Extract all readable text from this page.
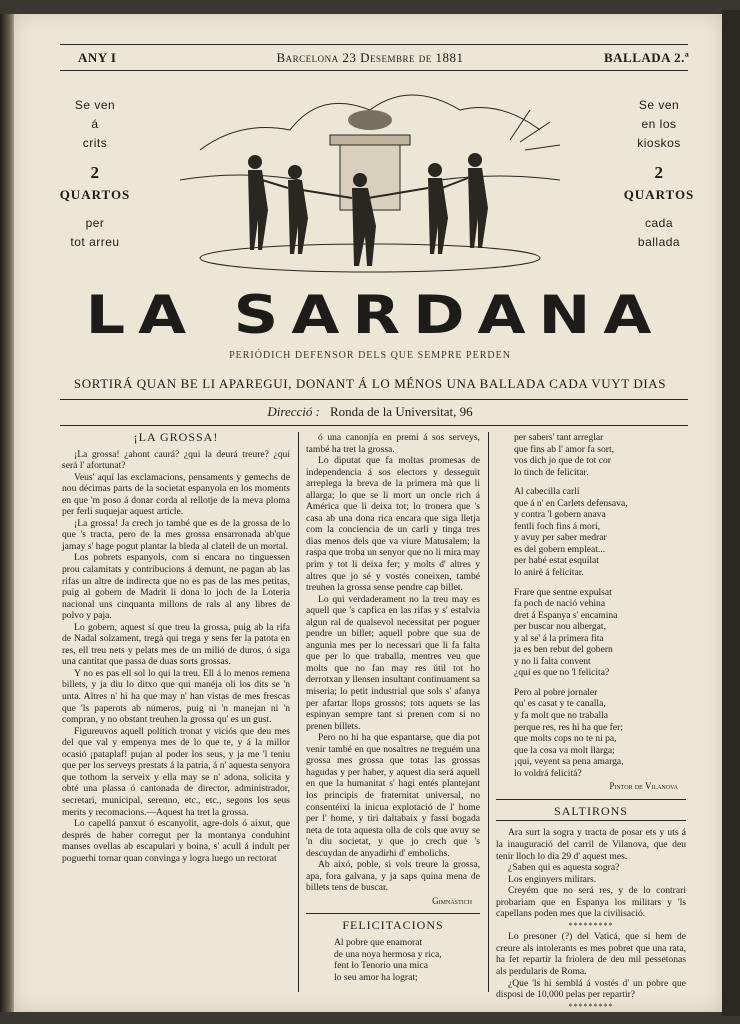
ANY I	Barcelona 23 Desembre de 1881	BALLADA 2.ª
Se ven
á
crits
2
QUARTOS
per
tot arreu
Se ven
en los
kioskos
2
QUARTOS
cada
ballada
LA SARDANA
PERIÓDICH DEFENSOR DELS QUE SEMPRE PERDEN
SORTIRÁ QUAN BE LI APAREGUI, DONANT Á LO MÉNOS UNA BALLADA CADA VUYT DIAS
Direcció : Ronda de la Universitat, 96

¡LA GROSSA!

¡La grossa! ¿ahont caurá? ¿qui la deurá treure? ¿qui será l' afortunat?

Veus' aquí las exclamacions, pensaments y gemechs de nou décimas parts de la societat espanyola en los moments en que 'm poso á donar corda al rellotje de la meva ploma per ferli suquejar aquest article.

¡La grossa! Ja crech jo també que es de la grossa de lo que 's tracta, pero de la mes grossa ensarronada ab'que jamay s' hage pogut plantar la bleda al clatell de un mortal.

Los pobrets espanyols, com si encara no tinguessen prou calamitats y contribucions á demunt, ne pagan ab las rifas un altre de indirecta que no es pas de las mes petitas, puig al gobern de Madrit li dona lo joch de la Loteria nacional uns cinquanta millons de rals al any libres de polvo y paja.

Lo gobern, aquest sí que treu la grossa, puig ab la rifa de Nadal solzament, tregà qui trega y sens fer la patota en res, ell treu nets y pelats mes de un milió de duros, ó siga una cantitat que passa de duas sorts grossas.

Y no es pas ell sol lo qui la treu. Ell á lo menos remena billets, y ja diu lo ditxo que qui manéja oli los dits se 'n unta. Altres n' hi ha que may n' han vistas de mes frescas que 'ls paperots ab números, puig ni 'n manejan ni 'n compran, y no obstant treuhen la grossa qu' es un gust.

Figureuvos aquell polítich tronat y viciós que deu mes del que val y empenya mes de lo que te, y á la millor ocasió ¡pataplaf! pujan al poder los seus, y ja me 'l teniu que per los serveys prestats á la patria, á n' aquesta senyora que tothom la serveix y ella may se n' adona, solicita y obté una plassa ó cantonada de director, administrador, secretari, municipal, serenno, etc., etc., segons los seus merits y recomacions.—Aquest ha tret la grossa.

Lo capellá panxut ó escanyolit, agre-dols ó aixut, que després de haber corregut per la montanya conduhint manses ovellas ab escapulari y boina, s' acull á indult per poguerhi tornar quan convinga y logra luego un rectorat

ó una canonjía en premi á sos serveys, també ha tret la grossa.

Lo diputat que fa moltas promesas de independencia á sos electors y desseguit arreplega la breva de la primera mà que li allarga; lo que se li mort un oncle rich á América que li deixa tot; lo tronera que 's casa ab una dona rica encara que siga lletja com la conciencia de un carlí y tinga tres dias menos dels que va viure Matusalem; la raspa que troba un senyor que no li mira may prim y tot li deixa fer; y molts d' altres y altres que jo sé y vostés coneixen, també treuhen la grossa sense pendre cap billet.

Lo qui verdaderament no la treu may es aquell que 's capfica en las rifas y s' estalvia algun ral de qualsevol necessitat per poguer pendre un billet; aquell pobre que sua de angunia mes per lo necessari que li fa falta que per lo que traballa, mentres veu que molts que no fan may res útil tot ho derrotxan y llensen insultant continuament sa miseria; lo petit industrial que sols s' afanya per afartar llops grossos; tots aquets se las espinyan sempre tant si prenen com si no prenen billets.

Pero no hi ha que espantarse, que dia pot venir també en que nosaltres ne treguém una grossa mes grossa que totas las grossas hagudas y per haber, y aquest dia será aquell en que la humanitat s' hagi entés plantejant los principis de fraternitat universal, no consentéixi la inicua explotació de l' home per l' home, y tiri daltabaix y fassi bogada neta de tota aquesta olla de cols que avuy se 'n diu societat, y que jo crech que 's descuydan de anyadirhi d' embolichs.

Ab aixó, poble, si vols treure la grossa, apa, fora galvana, y ja saps quina mena de billets tens de buscar.

Gimnástich

FELICITACIONS

Al pobre que enamorat

de una noya hermosa y rica,

fent lo Tenorio una mica

lo seu amor ha lograt;

per sabers' tant arreglar

que fins ab l' amor fa sort,

vos dich jo que de tot cor

lo tinch de felicitar.

Al cabecilla carlí

que á n' en Carlets defensava,

y contra 'l gobern anava

fentli foch fins á morí,

y avuy per saber medrar

es del gobern empleat...

per habé estat esquilat

lo anirè á felicitar.

Frare que sentne expulsat

fa poch de nació vehina

dret á Espanya s' encamina

per buscar nou albergat,

y al se' á la primera fita

ja es ben rebut del gobern

y no li falta convent

¿qui es que no 'l felicita?

Pero al pobre jornaler

qu' es casat y te canalla,

y fa molt que no traballa

perque res, res hi ha que fer;

que molts cops no te ni pa,

que la cosa va molt llarga;

¡qui, veyent sa pena amarga,

lo voldrá felicitá?

Pintor de Vilanova

SALTIRONS

Ara surt la sogra y tracta de posar ets y uts á la inauguració del carril de Vilanova, que deu tenir lloch lo dia 29 d' aquest mes.

¿Saben qui es aquesta sogra?

Los enginyers militars.

Creyém que no será res, y de lo contrari probariam que en Espanya los militars y 'ls capellans poden mes que la civilisació.

*********

Lo presoner (?) del Vaticá, que si hem de creure als intolerants es mes pobret que una rata, ha fet repartir la friolera de deu mil pessetonas als perdularis de Roma.

¿Que 'ls hi semblá á vostés d' un pobre que disposi de 10,000 pelas per repartir?

*********
